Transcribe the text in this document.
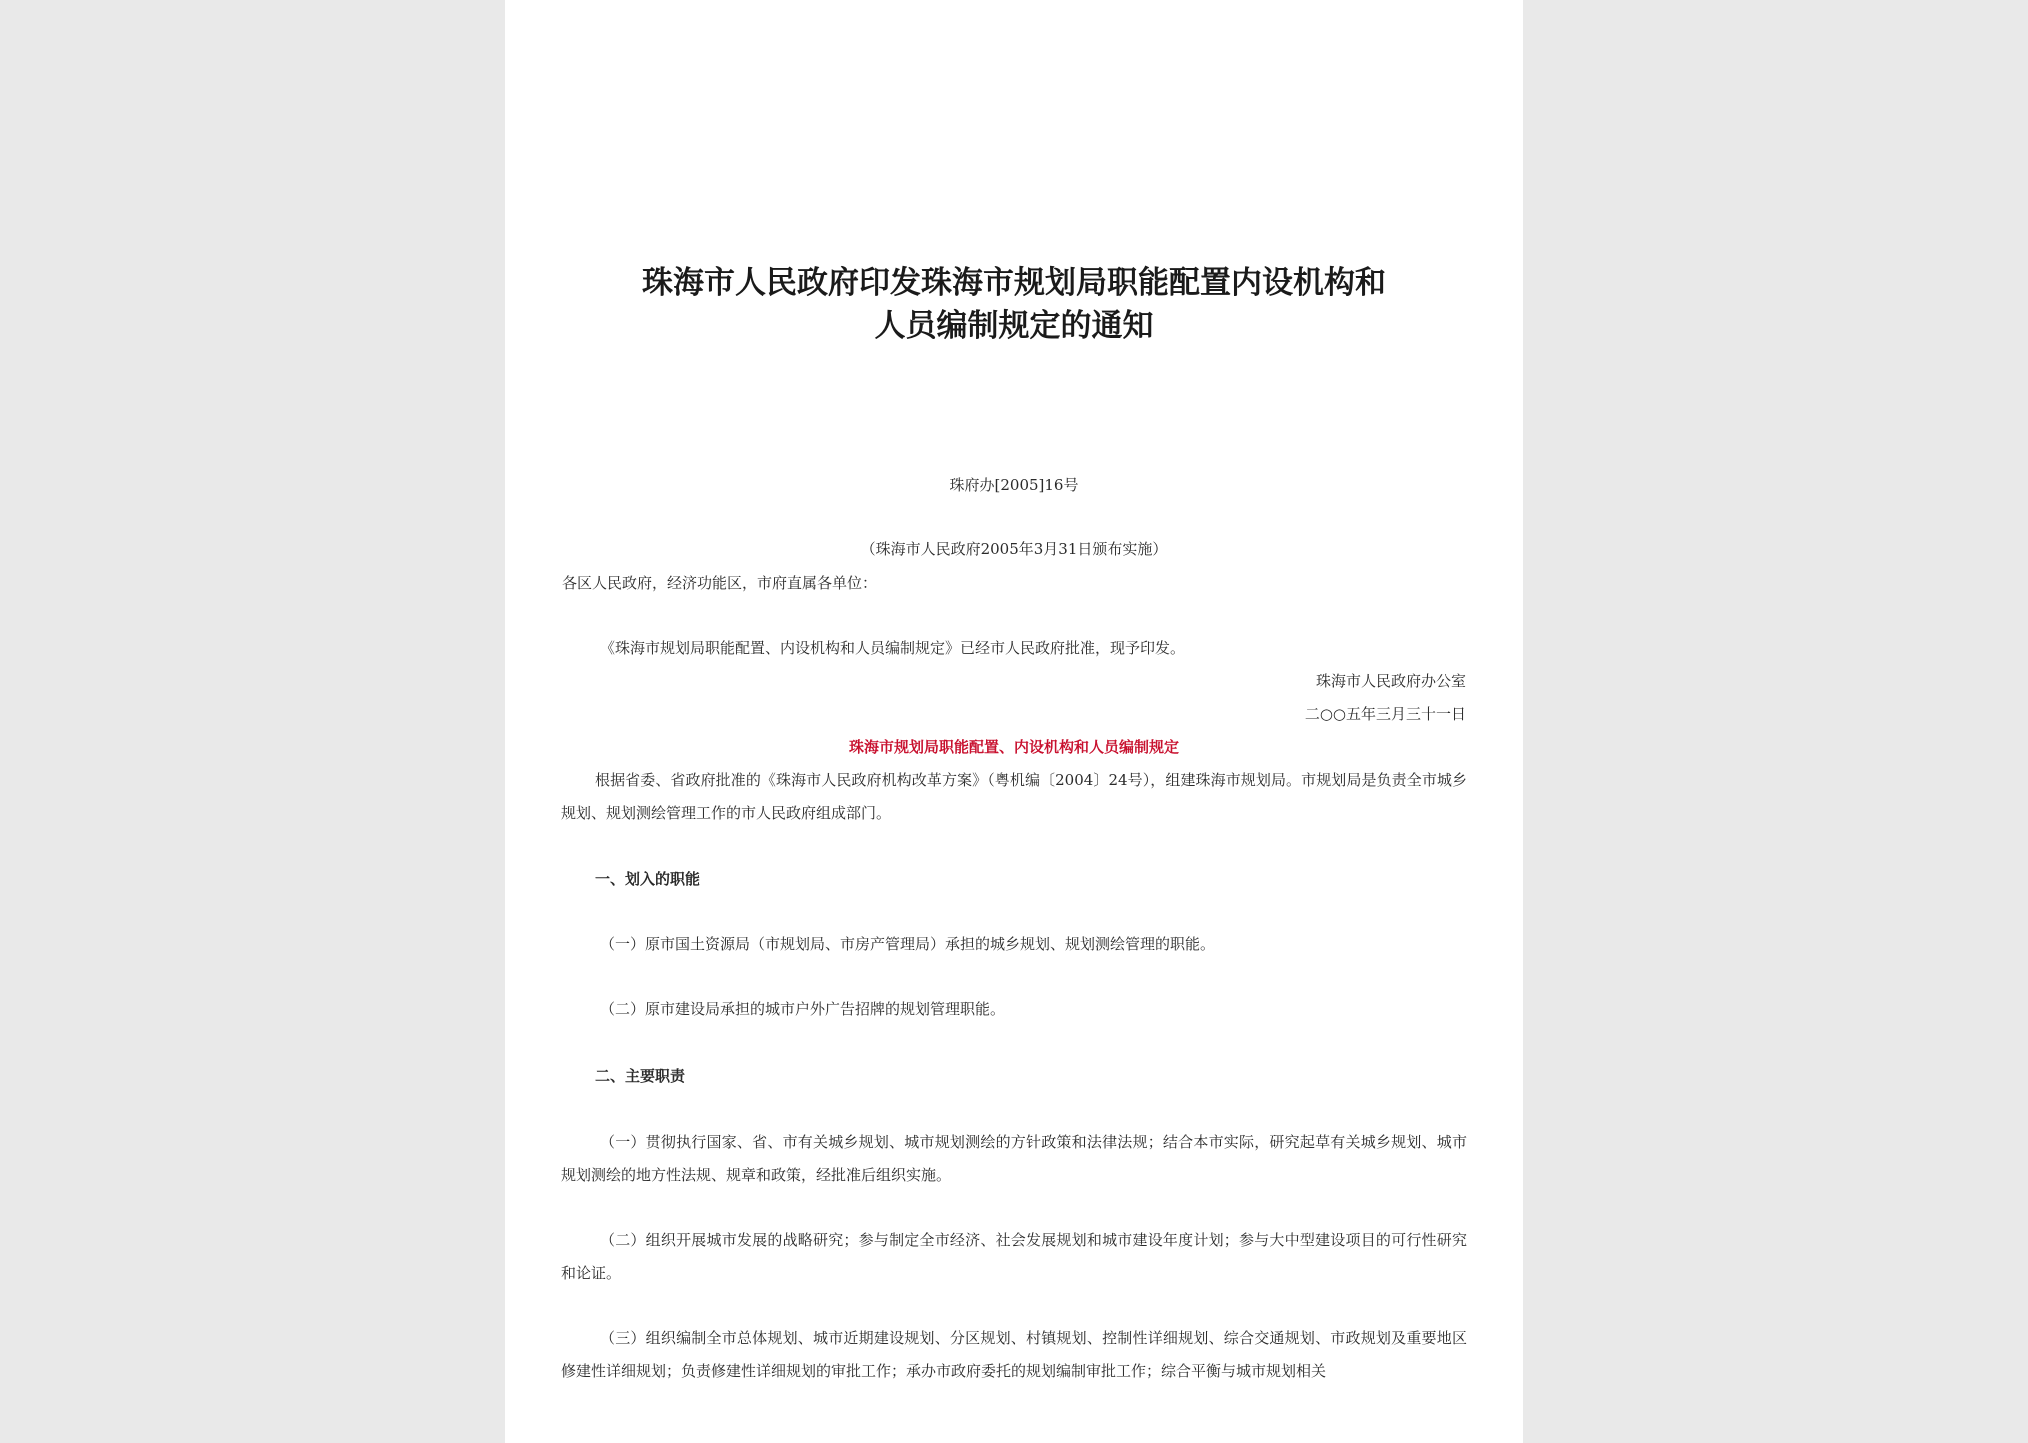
珠海市人民政府印发珠海市规划局职能配置内设机构和
人员编制规定的通知
珠府办[2005]16号
（珠海市人民政府2005年3月31日颁布实施）
各区人民政府，经济功能区，市府直属各单位：
《珠海市规划局职能配置、内设机构和人员编制规定》已经市人民政府批准，现予印发。
珠海市人民政府办公室
二○○五年三月三十一日
珠海市规划局职能配置、内设机构和人员编制规定
根据省委、省政府批准的《珠海市人民政府机构改革方案》（粤机编〔2004〕24号），组建珠海市规划局。市规划局是负责全市城乡规划、规划测绘管理工作的市人民政府组成部门。
一、划入的职能
（一）原市国土资源局（市规划局、市房产管理局）承担的城乡规划、规划测绘管理的职能。
（二）原市建设局承担的城市户外广告招牌的规划管理职能。
二、主要职责
（一）贯彻执行国家、省、市有关城乡规划、城市规划测绘的方针政策和法律法规；结合本市实际，研究起草有关城乡规划、城市规划测绘的地方性法规、规章和政策，经批准后组织实施。
（二）组织开展城市发展的战略研究；参与制定全市经济、社会发展规划和城市建设年度计划；参与大中型建设项目的可行性研究和论证。
（三）组织编制全市总体规划、城市近期建设规划、分区规划、村镇规划、控制性详细规划、综合交通规划、市政规划及重要地区修建性详细规划；负责修建性详细规划的审批工作；承办市政府委托的规划编制审批工作；综合平衡与城市规划相关
